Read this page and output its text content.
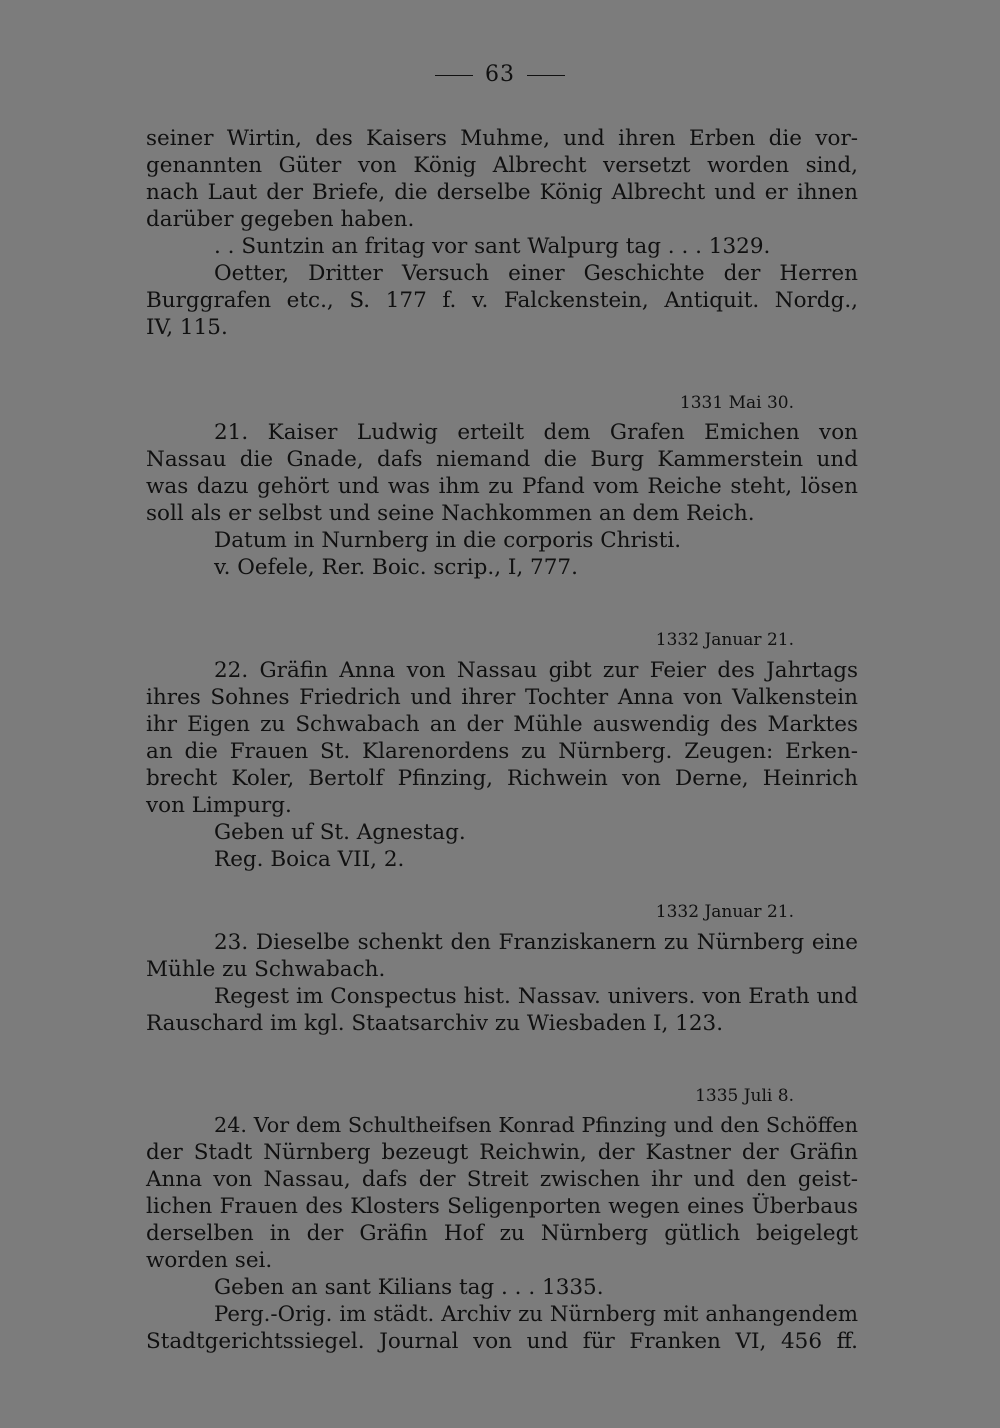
63
seiner Wirtin, des Kaisers Muhme, und ihren Erben die vor-
genannten Güter von König Albrecht versetzt worden sind,
nach Laut der Briefe, die derselbe König Albrecht und er ihnen
darüber gegeben haben.
. . Suntzin an fritag vor sant Walpurg tag . . . 1329.
Oetter, Dritter Versuch einer Geschichte der Herren
Burggrafen etc., S. 177 f. v. Falckenstein, Antiquit. Nordg.,
IV, 115.
1331 Mai 30.
21. Kaiser Ludwig erteilt dem Grafen Emichen von
Nassau die Gnade, dafs niemand die Burg Kammerstein und
was dazu gehört und was ihm zu Pfand vom Reiche steht, lösen
soll als er selbst und seine Nachkommen an dem Reich.
Datum in Nurnberg in die corporis Christi.
v. Oefele, Rer. Boic. scrip., I, 777.
1332 Januar 21.
22. Gräfin Anna von Nassau gibt zur Feier des Jahrtags
ihres Sohnes Friedrich und ihrer Tochter Anna von Valkenstein
ihr Eigen zu Schwabach an der Mühle auswendig des Marktes
an die Frauen St. Klarenordens zu Nürnberg. Zeugen: Erken-
brecht Koler, Bertolf Pfinzing, Richwein von Derne, Heinrich
von Limpurg.
Geben uf St. Agnestag.
Reg. Boica VII, 2.
1332 Januar 21.
23. Dieselbe schenkt den Franziskanern zu Nürnberg eine
Mühle zu Schwabach.
Regest im Conspectus hist. Nassav. univers. von Erath und
Rauschard im kgl. Staatsarchiv zu Wiesbaden I, 123.
1335 Juli 8.
24. Vor dem Schultheifsen Konrad Pfinzing und den Schöffen
der Stadt Nürnberg bezeugt Reichwin, der Kastner der Gräfin
Anna von Nassau, dafs der Streit zwischen ihr und den geist-
lichen Frauen des Klosters Seligenporten wegen eines Überbaus
derselben in der Gräfin Hof zu Nürnberg gütlich beigelegt
worden sei.
Geben an sant Kilians tag . . . 1335.
Perg.-Orig. im städt. Archiv zu Nürnberg mit anhangendem
Stadtgerichtssiegel. Journal von und für Franken VI, 456 ff.
